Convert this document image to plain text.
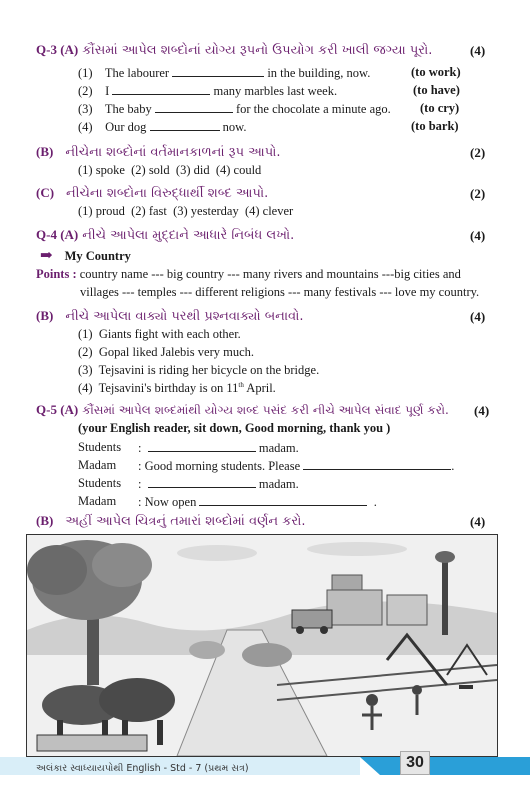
Q-3 (A) કૌંસમાં આપેલ શબ્દોનાં યોગ્ય રૂપનો ઉપયોગ કરી ખાલી જગ્યા પૂરો.	(4)
(1) The labourer	in the building, now.	(to work)
(2) I	many marbles last week.	(to have)
(3) The baby	for the chocolate a minute ago. (to cry)
(4) Our dog	now.	(to bark)
(B) નીચેના શબ્દોનાં વર્તમાનકાળનાં રૂપ આપો.	(2)
(1) spoke  (2) sold  (3) did  (4) could
(C) નીચેના શબ્દોના વિરુદ્ધાર્થી શબ્દ આપો.	(2)
(1) proud  (2) fast  (3) yesterday  (4) clever
Q-4 (A) નીચે આપેલા મુદ્દાને આધારે નિબંધ લખો.	(4)
➡ My Country
Points : country name --- big country --- many rivers and mountains ---big cities and
villages --- temples --- different religions --- many festivals --- love my country.
(B) નીચે આપેલા વાક્યો પરથી પ્રશ્નવાક્યો બનાવો.	(4)
(1) Giants fight with each other.
(2) Gopal liked Jalebis very much.
(3) Tejsavini is riding her bicycle on the bridge.
(4) Tejsavini's birthday is on 11th April.
Q-5 (A) કૌંસમાં આપેલ શબ્દમાંથી યોગ્ય શબ્દ પસંદ કરી નીચે આપેલ સંવાદ પૂર્ણ કરો. (4)
(your English reader, sit down, Good morning, thank you )
Students :	madam.
Madam : Good morning students. Please	.
Students :	madam.
Madam : Now open	.
(B) અહીં આપેલ ચિત્રનું તમારાં શબ્દોમાં વર્ણન કરો.	(4)
અલંકાર સ્વાધ્યાયપોથી English - Std - 7 (પ્રથમ સત્ર)	30
